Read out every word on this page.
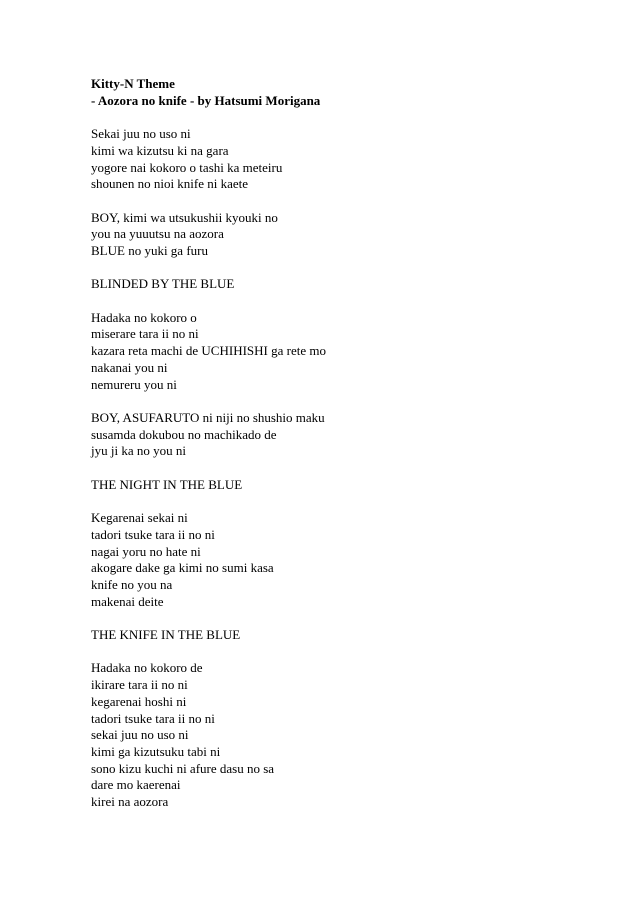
Kitty-N Theme
- Aozora no knife - by Hatsumi Morigana
Sekai juu no uso ni
kimi wa kizutsu ki na gara
yogore nai kokoro o tashi ka meteiru
shounen no nioi knife ni kaete
BOY, kimi wa utsukushii kyouki no
you na yuuutsu na aozora
BLUE no yuki ga furu
BLINDED BY THE BLUE
Hadaka no kokoro o
miserare tara ii no ni
kazara reta machi de UCHIHISHI ga rete mo
nakanai you ni
nemureru you ni
BOY, ASUFARUTO ni niji no shushio maku
susamda dokubou no machikado de
jyu ji ka no you ni
THE NIGHT IN THE BLUE
Kegarenai sekai ni
tadori tsuke tara ii no ni
nagai yoru no hate ni
akogare dake ga kimi no sumi kasa
knife no you na
makenai deite
THE KNIFE IN THE BLUE
Hadaka no kokoro de
ikirare tara ii no ni
kegarenai hoshi ni
tadori tsuke tara ii no ni
sekai juu no uso ni
kimi ga kizutsuku tabi ni
sono kizu kuchi ni afure dasu no sa
dare mo kaerenai
kirei na aozora
